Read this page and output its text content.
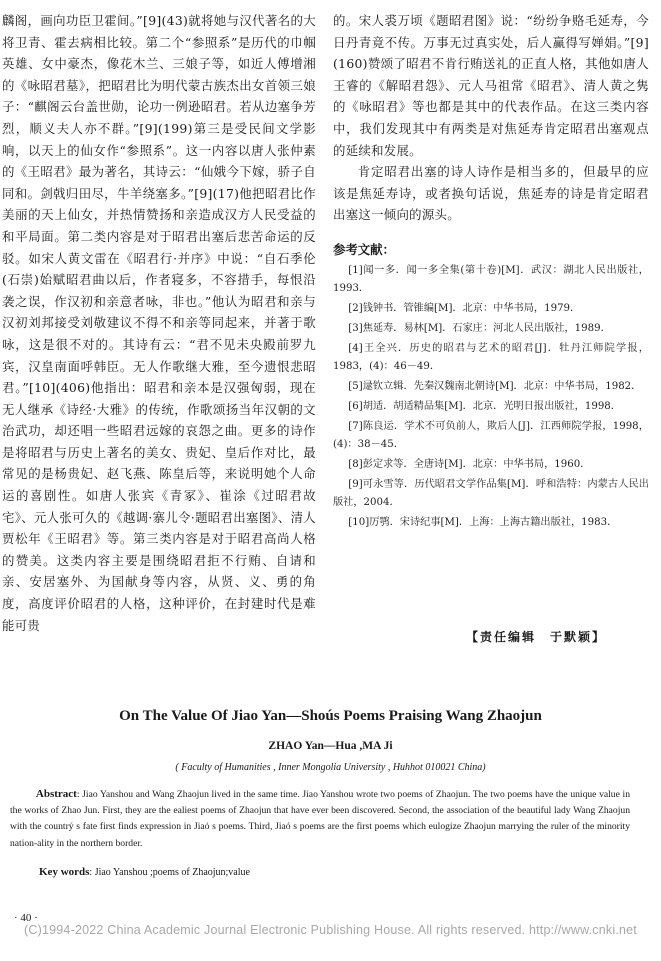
麟阁，画向功臣卫霍间。”[9](43)就将她与汉代著名的大将卫青、霍去病相比较。第二个“参照系”是历代的巾帼英雄、女中豪杰，像花木兰、三娘子等，如近人傅增湘的《咏昭君墓》，把昭君比为明代蒙古族杰出女首领三娘子：“麒阁云台盖世勋，论功一例逊昭君。若从边塞争芳烈，顺义夫人亦不群。”[9](199)第三是受民间文学影响，以天上的仙女作“参照系”。这一内容以唐人张仲素的《王昭君》最为著名，其诗云：“仙娥今下嫁，骄子自同和。剑戟归田尽，牛羊绕塞多。”[9](17)他把昭君比作美丽的天上仙女，并热情赞扬和亲造成汉方人民受益的和平局面。第二类内容是对于昭君出塞后悲苦命运的反驳。如宋人黄文雷在《昭君行·并序》中说：“自石季伦(石崇)始赋昭君曲以后，作者寝多，不容措手，每恨沿袭之误，作汉初和亲意者咏，非也。”他认为昭君和亲与汉初刘邦接受刘敬建议不得不和亲等同起来，并著于歌咏，这是很不对的。其诗有云：“君不见未央殿前罗九宾，汉皇南面呼韩臣。无人作歌继大雅，至今遗恨悲昭君。”[10](406)他指出：昭君和亲本是汉强匈弱，现在无人继承《诗经·大雅》的传统，作歌颂扬当年汉朝的文治武功，却还唱一些昭君远嫁的哀怨之曲。更多的诗作是将昭君与历史上著名的美女、贵妃、皇后作对比，最常见的是杨贵妃、赵飞燕、陈皇后等，来说明她个人命运的喜剧性。如唐人张宾《青冢》、崔涂《过昭君故宅》、元人张可久的《越调·寨儿令·题昭君出塞图》、清人贾松年《王昭君》等。第三类内容是对于昭君高尚人格的赞美。这类内容主要是围绕昭君拒不行贿、自请和亲、安居塞外、为国献身等内容，从贤、义、勇的角度，高度评价昭君的人格，这种评价，在封建时代是难能可贵

的。宋人裘万顷《题昭君图》说：“纷纷争赂毛延寿，今日丹青竟不传。万事无过真实处，后人赢得写婵娟。”[9](160)赞颂了昭君不肯行贿送礼的正直人格，其他如唐人王睿的《解昭君怨》、元人马祖常《昭君》、清人黄之隽的《咏昭君》等也都是其中的代表作品。在这三类内容中，我们发现其中有两类是对焦延寿肯定昭君出塞观点的延续和发展。

肯定昭君出塞的诗人诗作是相当多的，但最早的应该是焦延寿诗，或者换句话说，焦延寿的诗是肯定昭君出塞这一倾向的源头。

参考文献：

[1]闻一多．闻一多全集(第十卷)[M]．武汉：湖北人民出版社，1993．

[2]钱钟书．管锥编[M]．北京：中华书局，1979．

[3]焦延寿．易林[M]．石家庄：河北人民出版社，1989．

[4]王全兴．历史的昭君与艺术的昭君[J]．牡丹江师院学报，1983，(4)：46－49．

[5]逯钦立辑．先秦汉魏南北朝诗[M]．北京：中华书局，1982．

[6]胡适．胡适精品集[M]．北京．光明日报出版社，1998．

[7]陈良运．学术不可负前人，欺后人[J]．江西师院学报，1998，(4)：38－45．

[8]彭定求等．全唐诗[M]．北京：中华书局，1960．

[9]可永雪等．历代昭君文学作品集[M]．呼和浩特：内蒙古人民出版社，2004．

[10]厉鹗．宋诗纪事[M]．上海：上海古籍出版社，1983．

【责任编辑　于默颖】
On The Value Of Jiao Yan—Shoús Poems Praising Wang Zhaojun
ZHAO Yan—Hua ,MA Ji
( Faculty of Humanities , Inner Mongolia University , Huhhot 010021 China)

Abstract: Jiao Yanshou and Wang Zhaojun lived in the same time. Jiao Yanshou wrote two poems of Zhaojun. The two poems have the unique value in the works of Zhao Jun. First, they are the ealiest poems of Zhaojun that have ever been discovered. Second, the association of the beautiful lady Wang Zhaojun with the countrý s fate first finds expression in Jiaó s poems. Third, Jiaó s poems are the first poems which eulogize Zhaojun marrying the ruler of the minority nation-ality in the northern border.

Key words: Jiao Yanshou ;poems of Zhaojun;value

· 40 ·
(C)1994-2022 China Academic Journal Electronic Publishing House. All rights reserved. http://www.cnki.net
